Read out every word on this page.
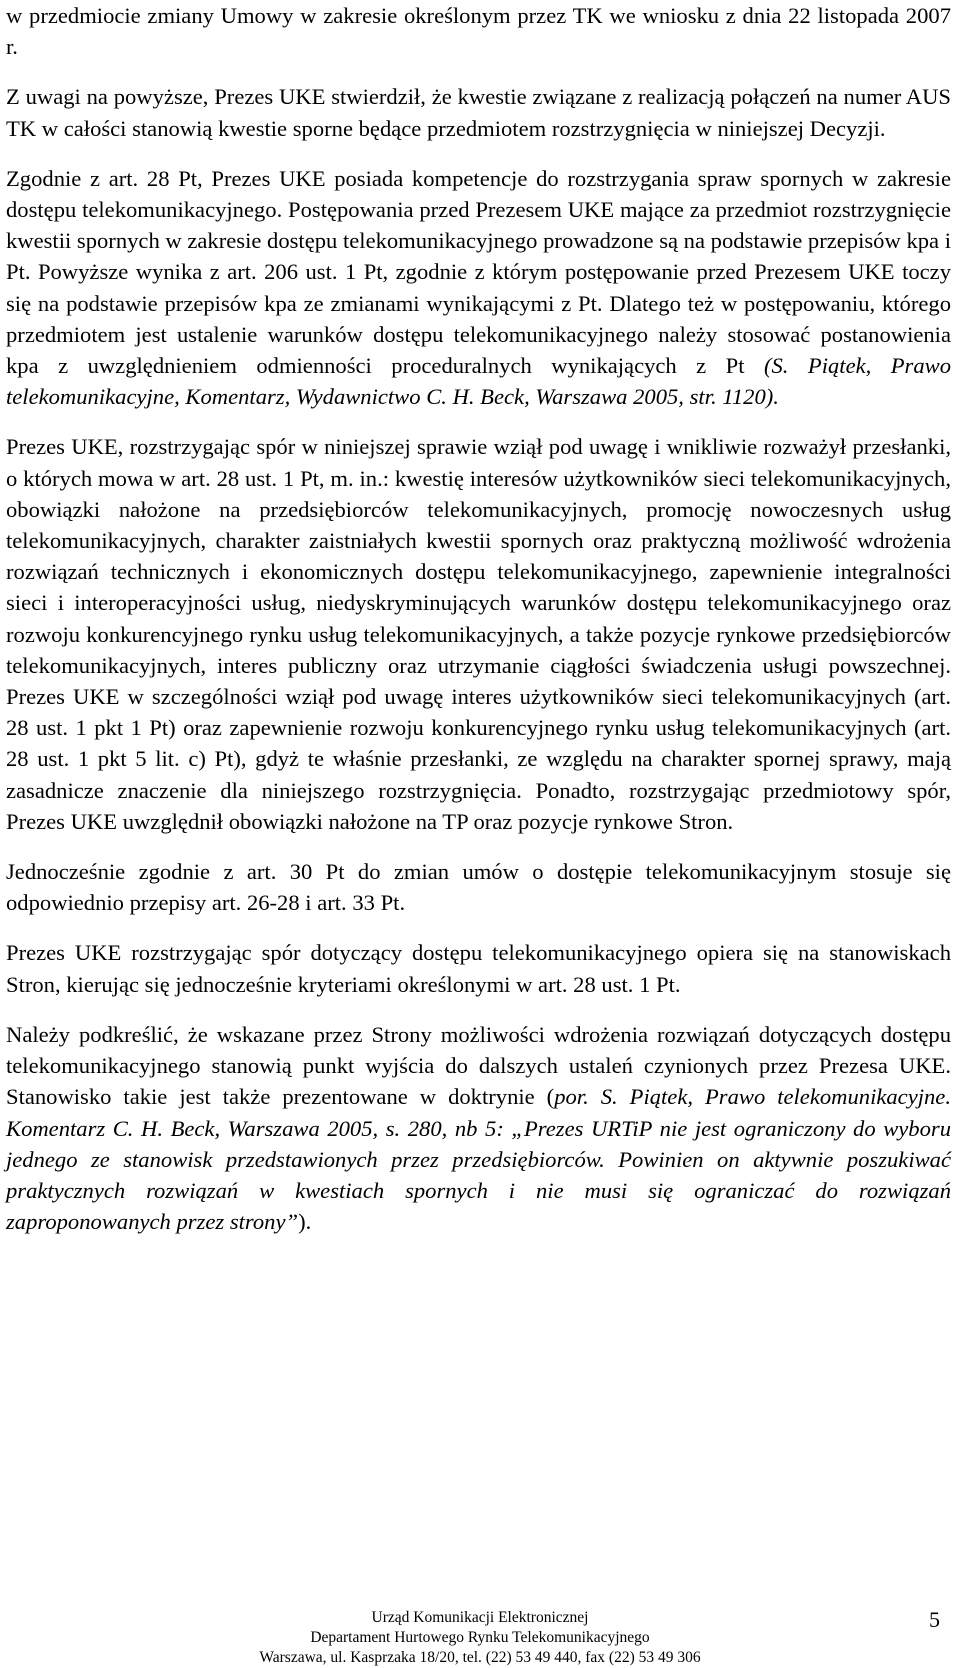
w przedmiocie zmiany Umowy w zakresie określonym przez TK we wniosku z dnia 22 listopada 2007 r.

Z uwagi na powyższe, Prezes UKE stwierdził, że kwestie związane z realizacją połączeń na numer AUS TK w całości stanowią kwestie sporne będące przedmiotem rozstrzygnięcia w niniejszej Decyzji.

Zgodnie z art. 28 Pt, Prezes UKE posiada kompetencje do rozstrzygania spraw spornych w zakresie dostępu telekomunikacyjnego. Postępowania przed Prezesem UKE mające za przedmiot rozstrzygnięcie kwestii spornych w zakresie dostępu telekomunikacyjnego prowadzone są na podstawie przepisów kpa i Pt. Powyższe wynika z art. 206 ust. 1 Pt, zgodnie z którym postępowanie przed Prezesem UKE toczy się na podstawie przepisów kpa ze zmianami wynikającymi z Pt. Dlatego też w postępowaniu, którego przedmiotem jest ustalenie warunków dostępu telekomunikacyjnego należy stosować postanowienia kpa z uwzględnieniem odmienności proceduralnych wynikających z Pt (S. Piątek, Prawo telekomunikacyjne, Komentarz, Wydawnictwo C. H. Beck, Warszawa 2005, str. 1120).

Prezes UKE, rozstrzygając spór w niniejszej sprawie wziął pod uwagę i wnikliwie rozważył przesłanki, o których mowa w art. 28 ust. 1 Pt, m. in.: kwestię interesów użytkowników sieci telekomunikacyjnych, obowiązki nałożone na przedsiębiorców telekomunikacyjnych, promocję nowoczesnych usług telekomunikacyjnych, charakter zaistniałych kwestii spornych oraz praktyczną możliwość wdrożenia rozwiązań technicznych i ekonomicznych dostępu telekomunikacyjnego, zapewnienie integralności sieci i interoperacyjności usług, niedyskryminujących warunków dostępu telekomunikacyjnego oraz rozwoju konkurencyjnego rynku usług telekomunikacyjnych, a także pozycje rynkowe przedsiębiorców telekomunikacyjnych, interes publiczny oraz utrzymanie ciągłości świadczenia usługi powszechnej. Prezes UKE w szczególności wziął pod uwagę interes użytkowników sieci telekomunikacyjnych (art. 28 ust. 1 pkt 1 Pt) oraz zapewnienie rozwoju konkurencyjnego rynku usług telekomunikacyjnych (art. 28 ust. 1 pkt 5 lit. c) Pt), gdyż te właśnie przesłanki, ze względu na charakter spornej sprawy, mają zasadnicze znaczenie dla niniejszego rozstrzygnięcia. Ponadto, rozstrzygając przedmiotowy spór, Prezes UKE uwzględnił obowiązki nałożone na TP oraz pozycje rynkowe Stron.

Jednocześnie zgodnie z art. 30 Pt do zmian umów o dostępie telekomunikacyjnym stosuje się odpowiednio przepisy art. 26-28 i art. 33 Pt.

Prezes UKE rozstrzygając spór dotyczący dostępu telekomunikacyjnego opiera się na stanowiskach Stron, kierując się jednocześnie kryteriami określonymi w art. 28 ust. 1 Pt.

Należy podkreślić, że wskazane przez Strony możliwości wdrożenia rozwiązań dotyczących dostępu telekomunikacyjnego stanowią punkt wyjścia do dalszych ustaleń czynionych przez Prezesa UKE. Stanowisko takie jest także prezentowane w doktrynie (por. S. Piątek, Prawo telekomunikacyjne. Komentarz C. H. Beck, Warszawa 2005, s. 280, nb 5: „Prezes URTiP nie jest ograniczony do wyboru jednego ze stanowisk przedstawionych przez przedsiębiorców. Powinien on aktywnie poszukiwać praktycznych rozwiązań w kwestiach spornych i nie musi się ograniczać do rozwiązań zaproponowanych przez strony”).

Urząd Komunikacji Elektronicznej
Departament Hurtowego Rynku Telekomunikacyjnego
Warszawa, ul. Kasprzaka 18/20, tel. (22) 53 49 440, fax (22) 53 49 306
5
